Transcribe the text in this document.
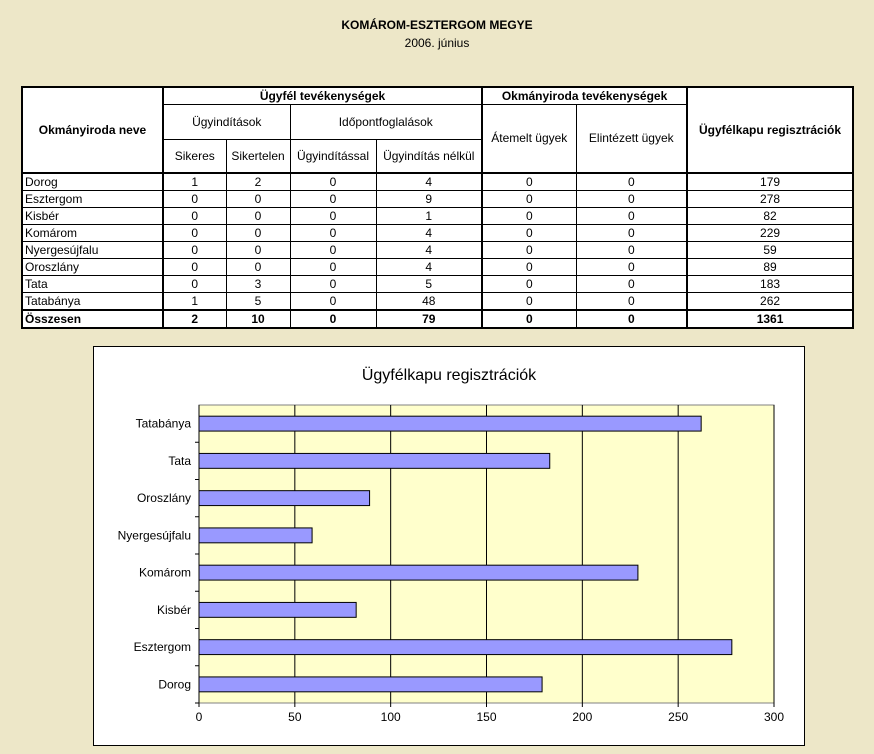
KOMÁROM-ESZTERGOM MEGYE
2006. június
Okmányiroda neve	Ügyfél tevékenységek				Okmányiroda tevékenységek		Ügyfélkapu regisztrációk
	Ügyindítások		Időpontfoglalások		Átemelt ügyek	Elintézett ügyek	
	Sikeres	Sikertelen	Ügyindítással	Ügyindítás nélkül			
Dorog	1	2	0	4	0	0	179
Esztergom	0	0	0	9	0	0	278
Kisbér	0	0	0	1	0	0	82
Komárom	0	0	0	4	0	0	229
Nyergesújfalu	0	0	0	4	0	0	59
Oroszlány	0	0	0	4	0	0	89
Tata	0	3	0	5	0	0	183
Tatabánya	1	5	0	48	0	0	262
Összesen	2	10	0	79	0	0	1361
Ügyfélkapu regisztrációk
Dorog
Esztergom
Kisbér
Komárom
Nyergesújfalu
Oroszlány
Tata
Tatabánya
0	50	100	150	200	250	300
